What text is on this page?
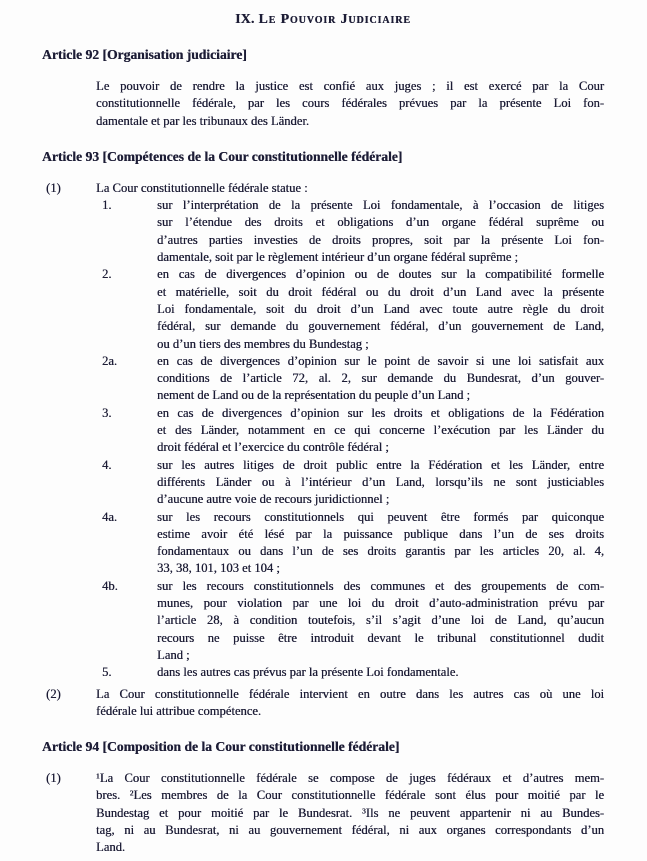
IX. Le Pouvoir Judiciaire
Article 92 [Organisation judiciaire]
Le pouvoir de rendre la justice est confié aux juges ; il est exercé par la Cour
constitutionnelle fédérale, par les cours fédérales prévues par la présente Loi fon-
damentale et par les tribunaux des Länder.
Article 93 [Compétences de la Cour constitutionnelle fédérale]
(1)	La Cour constitutionnelle fédérale statue :
1.	sur l’interprétation de la présente Loi fondamentale, à l’occasion de litiges
sur l’étendue des droits et obligations d’un organe fédéral suprême ou
d’autres parties investies de droits propres, soit par la présente Loi fon-
damentale, soit par le règlement intérieur d’un organe fédéral suprême ;
2.	en cas de divergences d’opinion ou de doutes sur la compatibilité formelle
et matérielle, soit du droit fédéral ou du droit d’un Land avec la présente
Loi fondamentale, soit du droit d’un Land avec toute autre règle du droit
fédéral, sur demande du gouvernement fédéral, d’un gouvernement de Land,
ou d’un tiers des membres du Bundestag ;
2a.	en cas de divergences d’opinion sur le point de savoir si une loi satisfait aux
conditions de l’article 72, al. 2, sur demande du Bundesrat, d’un gouver-
nement de Land ou de la représentation du peuple d’un Land ;
3.	en cas de divergences d’opinion sur les droits et obligations de la Fédération
et des Länder, notamment en ce qui concerne l’exécution par les Länder du
droit fédéral et l’exercice du contrôle fédéral ;
4.	sur les autres litiges de droit public entre la Fédération et les Länder, entre
différents Länder ou à l’intérieur d’un Land, lorsqu’ils ne sont justiciables
d’aucune autre voie de recours juridictionnel ;
4a.	sur les recours constitutionnels qui peuvent être formés par quiconque
estime avoir été lésé par la puissance publique dans l’un de ses droits
fondamentaux ou dans l’un de ses droits garantis par les articles 20, al. 4,
33, 38, 101, 103 et 104 ;
4b.	sur les recours constitutionnels des communes et des groupements de com-
munes, pour violation par une loi du droit d’auto-administration prévu par
l’article 28, à condition toutefois, s’il s’agit d’une loi de Land, qu’aucun
recours ne puisse être introduit devant le tribunal constitutionnel dudit
Land ;
5.	dans les autres cas prévus par la présente Loi fondamentale.
(2)	La Cour constitutionnelle fédérale intervient en outre dans les autres cas où une loi
fédérale lui attribue compétence.
Article 94 [Composition de la Cour constitutionnelle fédérale]
(1)	¹La Cour constitutionnelle fédérale se compose de juges fédéraux et d’autres mem-
bres. ²Les membres de la Cour constitutionnelle fédérale sont élus pour moitié par le
Bundestag et pour moitié par le Bundesrat. ³Ils ne peuvent appartenir ni au Bundes-
tag, ni au Bundesrat, ni au gouvernement fédéral, ni aux organes correspondants d’un
Land.
